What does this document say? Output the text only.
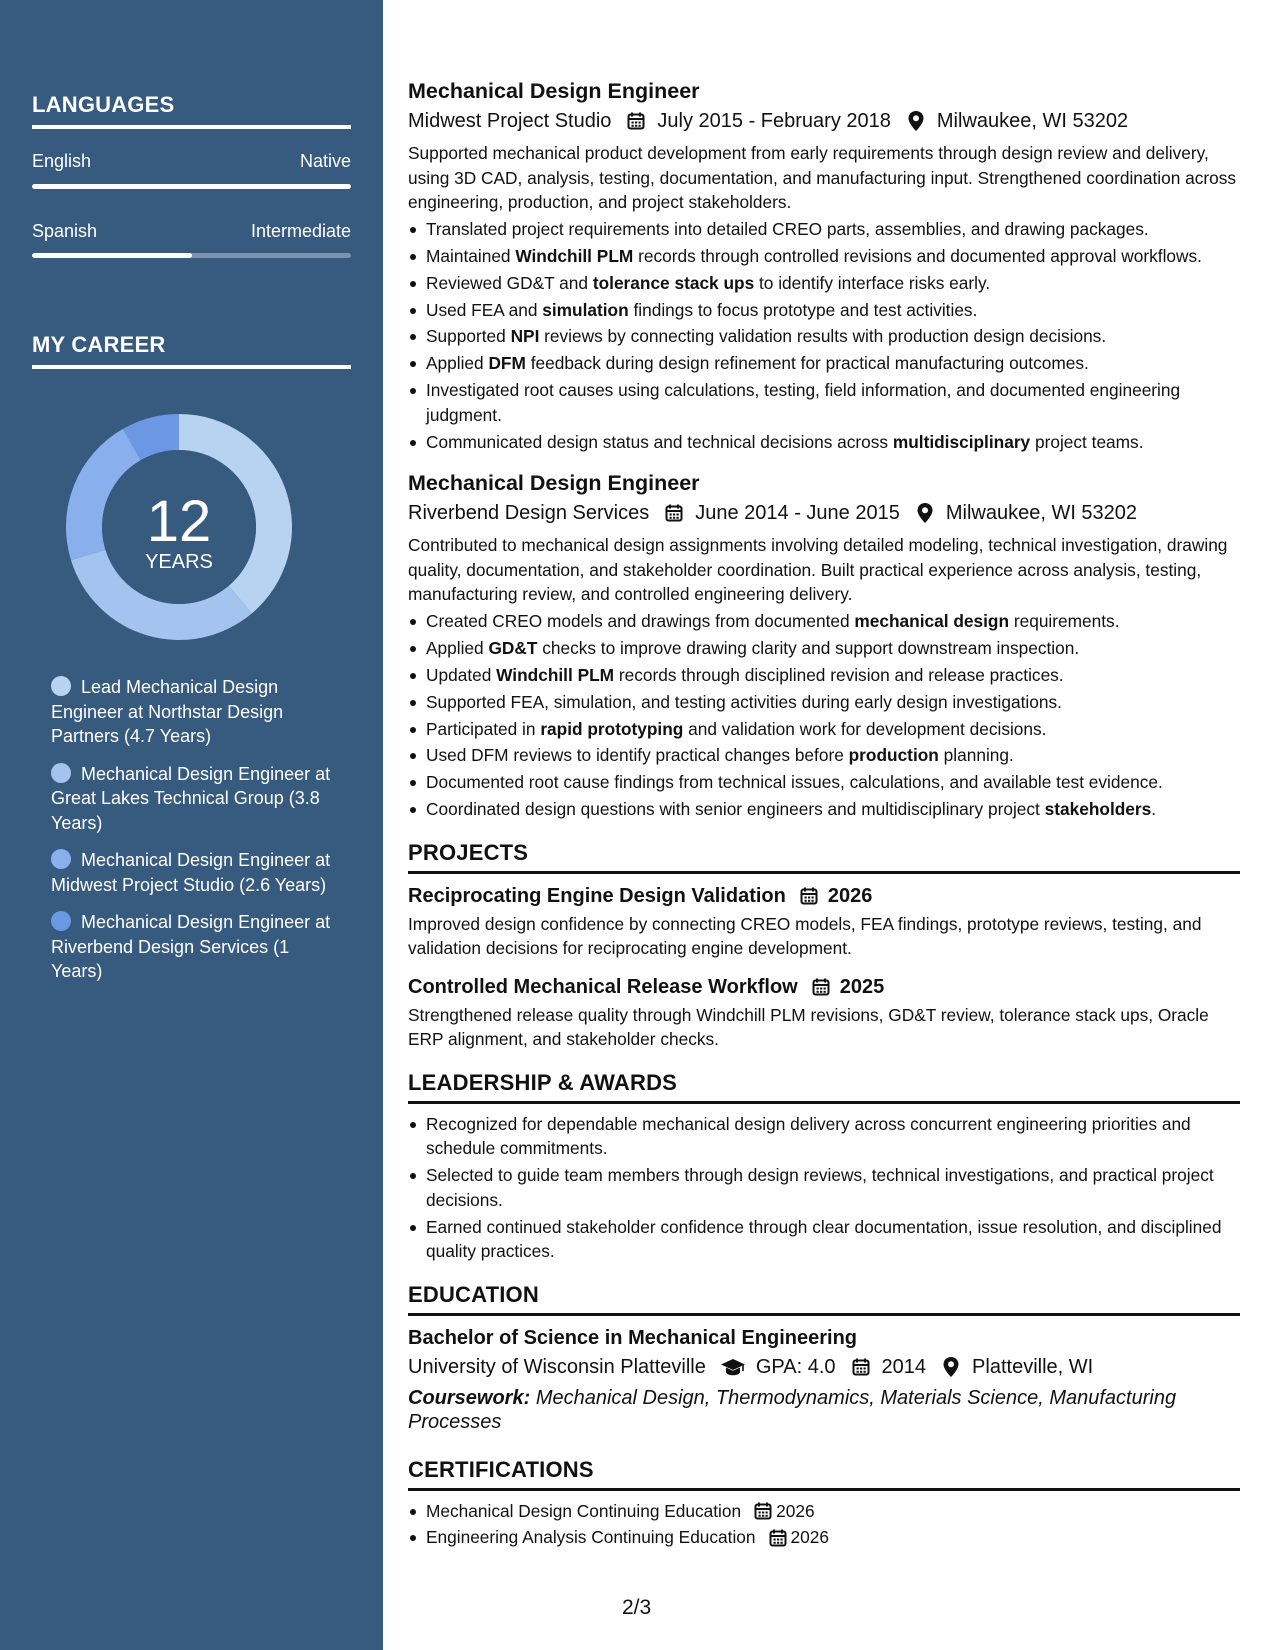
LANGUAGES
English	Native
Spanish	Intermediate
MY CAREER
12
YEARS
Lead Mechanical Design Engineer at Northstar Design Partners (4.7 Years)
Mechanical Design Engineer at Great Lakes Technical Group (3.8 Years)
Mechanical Design Engineer at Midwest Project Studio (2.6 Years)
Mechanical Design Engineer at Riverbend Design Services (1 Years)
Mechanical Design Engineer
Midwest Project Studio July 2015 - February 2018 Milwaukee, WI 53202

Supported mechanical product development from early requirements through design review and delivery, using 3D CAD, analysis, testing, documentation, and manufacturing input. Strengthened coordination across engineering, production, and project stakeholders.

Translated project requirements into detailed CREO parts, assemblies, and drawing packages.
Maintained Windchill PLM records through controlled revisions and documented approval workflows.
Reviewed GD&T and tolerance stack ups to identify interface risks early.
Used FEA and simulation findings to focus prototype and test activities.
Supported NPI reviews by connecting validation results with production design decisions.
Applied DFM feedback during design refinement for practical manufacturing outcomes.
Investigated root causes using calculations, testing, field information, and documented engineering judgment.
Communicated design status and technical decisions across multidisciplinary project teams.
Mechanical Design Engineer
Riverbend Design Services June 2014 - June 2015 Milwaukee, WI 53202

Contributed to mechanical design assignments involving detailed modeling, technical investigation, drawing quality, documentation, and stakeholder coordination. Built practical experience across analysis, testing, manufacturing review, and controlled engineering delivery.

Created CREO models and drawings from documented mechanical design requirements.
Applied GD&T checks to improve drawing clarity and support downstream inspection.
Updated Windchill PLM records through disciplined revision and release practices.
Supported FEA, simulation, and testing activities during early design investigations.
Participated in rapid prototyping and validation work for development decisions.
Used DFM reviews to identify practical changes before production planning.
Documented root cause findings from technical issues, calculations, and available test evidence.
Coordinated design questions with senior engineers and multidisciplinary project stakeholders.
PROJECTS
Reciprocating Engine Design Validation 2026

Improved design confidence by connecting CREO models, FEA findings, prototype reviews, testing, and validation decisions for reciprocating engine development.

Controlled Mechanical Release Workflow 2025

Strengthened release quality through Windchill PLM revisions, GD&T review, tolerance stack ups, Oracle ERP alignment, and stakeholder checks.

LEADERSHIP & AWARDS
Recognized for dependable mechanical design delivery across concurrent engineering priorities and schedule commitments.
Selected to guide team members through design reviews, technical investigations, and practical project decisions.
Earned continued stakeholder confidence through clear documentation, issue resolution, and disciplined quality practices.
EDUCATION
Bachelor of Science in Mechanical Engineering
University of Wisconsin Platteville	GPA: 4.0 2014 Platteville, WI

Coursework: Mechanical Design, Thermodynamics, Materials Science, Manufacturing Processes

CERTIFICATIONS
Mechanical Design Continuing Education 2026
Engineering Analysis Continuing Education 2026
2/3
